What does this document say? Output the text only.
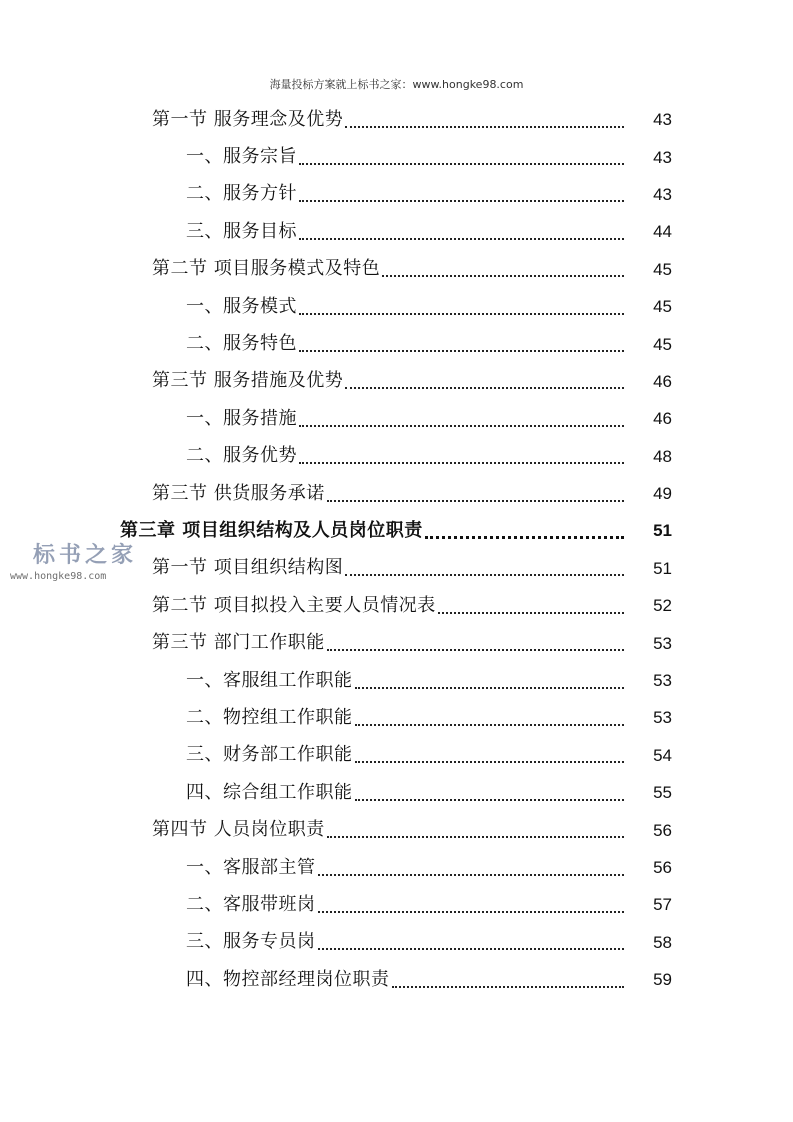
海量投标方案就上标书之家：www.hongke98.com
第一节 服务理念及优势	43
一、服务宗旨	43
二、服务方针	43
三、服务目标	44
第二节 项目服务模式及特色	45
一、服务模式	45
二、服务特色	45
第三节 服务措施及优势	46
一、服务措施	46
二、服务优势	48
第三节 供货服务承诺	49
第三章 项目组织结构及人员岗位职责	51
第一节 项目组织结构图	51
第二节 项目拟投入主要人员情况表	52
第三节 部门工作职能	53
一、客服组工作职能	53
二、物控组工作职能	53
三、财务部工作职能	54
四、综合组工作职能	55
第四节 人员岗位职责	56
一、客服部主管	56
二、客服带班岗	57
三、服务专员岗	58
四、物控部经理岗位职责	59
标书之家
www.hongke98.com
